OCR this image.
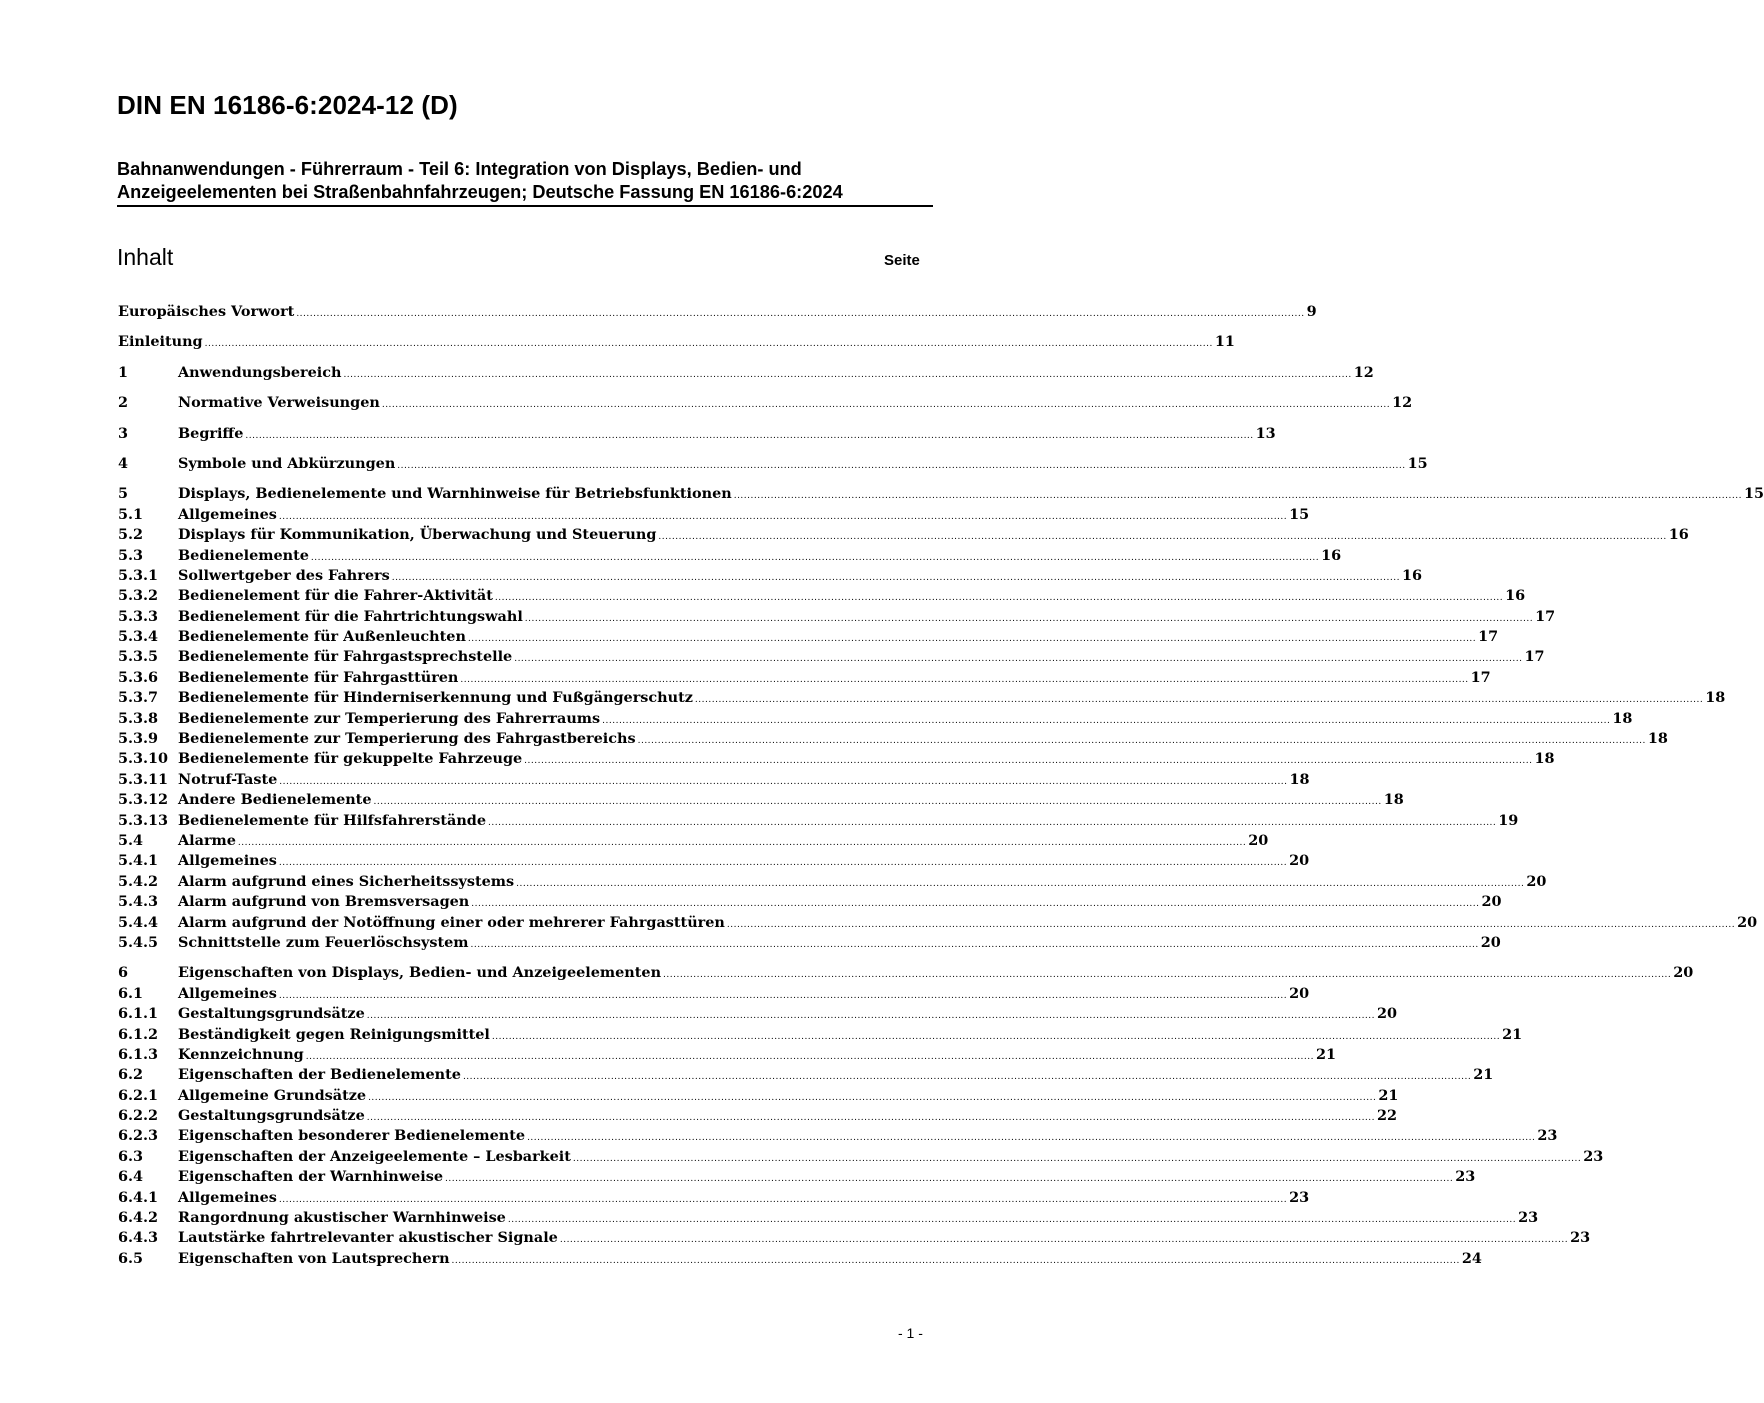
DIN EN 16186-6:2024-12 (D)
Bahnanwendungen - Führerraum - Teil 6: Integration von Displays, Bedien- und Anzeigeelementen bei Straßenbahnfahrzeugen; Deutsche Fassung EN 16186-6:2024
Inhalt	Seite
Europäisches Vorwort ............................................................................................................................................................................................................................................................................................................ 9
Einleitung ............................................................................................................................................................................................................................................................................................................ 11
1	Anwendungsbereich ............................................................................................................................................................................................................................................................................................................ 12
2	Normative Verweisungen ............................................................................................................................................................................................................................................................................................................ 12
3	Begriffe ............................................................................................................................................................................................................................................................................................................ 13
4	Symbole und Abkürzungen ............................................................................................................................................................................................................................................................................................................ 15
5	Displays, Bedienelemente und Warnhinweise für Betriebsfunktionen ............................................................................................................................................................................................................................................................................................................ 15
5.1	Allgemeines ............................................................................................................................................................................................................................................................................................................ 15
5.2	Displays für Kommunikation, Überwachung und Steuerung ............................................................................................................................................................................................................................................................................................................ 16
5.3	Bedienelemente ............................................................................................................................................................................................................................................................................................................ 16
5.3.1	Sollwertgeber des Fahrers ............................................................................................................................................................................................................................................................................................................ 16
5.3.2	Bedienelement für die Fahrer-Aktivität ............................................................................................................................................................................................................................................................................................................ 16
5.3.3	Bedienelement für die Fahrtrichtungswahl ............................................................................................................................................................................................................................................................................................................ 17
5.3.4	Bedienelemente für Außenleuchten ............................................................................................................................................................................................................................................................................................................ 17
5.3.5	Bedienelemente für Fahrgastsprechstelle ............................................................................................................................................................................................................................................................................................................ 17
5.3.6	Bedienelemente für Fahrgasttüren ............................................................................................................................................................................................................................................................................................................ 17
5.3.7	Bedienelemente für Hinderniserkennung und Fußgängerschutz ............................................................................................................................................................................................................................................................................................................ 18
5.3.8	Bedienelemente zur Temperierung des Fahrerraums ............................................................................................................................................................................................................................................................................................................ 18
5.3.9	Bedienelemente zur Temperierung des Fahrgastbereichs ............................................................................................................................................................................................................................................................................................................ 18
5.3.10 Bedienelemente für gekuppelte Fahrzeuge ............................................................................................................................................................................................................................................................................................................ 18
5.3.11 Notruf-Taste ............................................................................................................................................................................................................................................................................................................ 18
5.3.12 Andere Bedienelemente ............................................................................................................................................................................................................................................................................................................ 18
5.3.13 Bedienelemente für Hilfsfahrerstände ............................................................................................................................................................................................................................................................................................................ 19
5.4	Alarme ............................................................................................................................................................................................................................................................................................................ 20
5.4.1	Allgemeines ............................................................................................................................................................................................................................................................................................................ 20
5.4.2	Alarm aufgrund eines Sicherheitssystems ............................................................................................................................................................................................................................................................................................................ 20
5.4.3	Alarm aufgrund von Bremsversagen ............................................................................................................................................................................................................................................................................................................ 20
5.4.4	Alarm aufgrund der Notöffnung einer oder mehrerer Fahrgasttüren ............................................................................................................................................................................................................................................................................................................ 20
5.4.5	Schnittstelle zum Feuerlöschsystem ............................................................................................................................................................................................................................................................................................................ 20
6	Eigenschaften von Displays, Bedien- und Anzeigeelementen ............................................................................................................................................................................................................................................................................................................ 20
6.1	Allgemeines ............................................................................................................................................................................................................................................................................................................ 20
6.1.1	Gestaltungsgrundsätze ............................................................................................................................................................................................................................................................................................................ 20
6.1.2	Beständigkeit gegen Reinigungsmittel ............................................................................................................................................................................................................................................................................................................ 21
6.1.3	Kennzeichnung ............................................................................................................................................................................................................................................................................................................ 21
6.2	Eigenschaften der Bedienelemente ............................................................................................................................................................................................................................................................................................................ 21
6.2.1	Allgemeine Grundsätze ............................................................................................................................................................................................................................................................................................................ 21
6.2.2	Gestaltungsgrundsätze ............................................................................................................................................................................................................................................................................................................ 22
6.2.3	Eigenschaften besonderer Bedienelemente ............................................................................................................................................................................................................................................................................................................ 23
6.3	Eigenschaften der Anzeigeelemente – Lesbarkeit ............................................................................................................................................................................................................................................................................................................ 23
6.4	Eigenschaften der Warnhinweise ............................................................................................................................................................................................................................................................................................................ 23
6.4.1	Allgemeines ............................................................................................................................................................................................................................................................................................................ 23
6.4.2	Rangordnung akustischer Warnhinweise ............................................................................................................................................................................................................................................................................................................ 23
6.4.3	Lautstärke fahrtrelevanter akustischer Signale ............................................................................................................................................................................................................................................................................................................ 23
6.5	Eigenschaften von Lautsprechern ............................................................................................................................................................................................................................................................................................................ 24
- 1 -
